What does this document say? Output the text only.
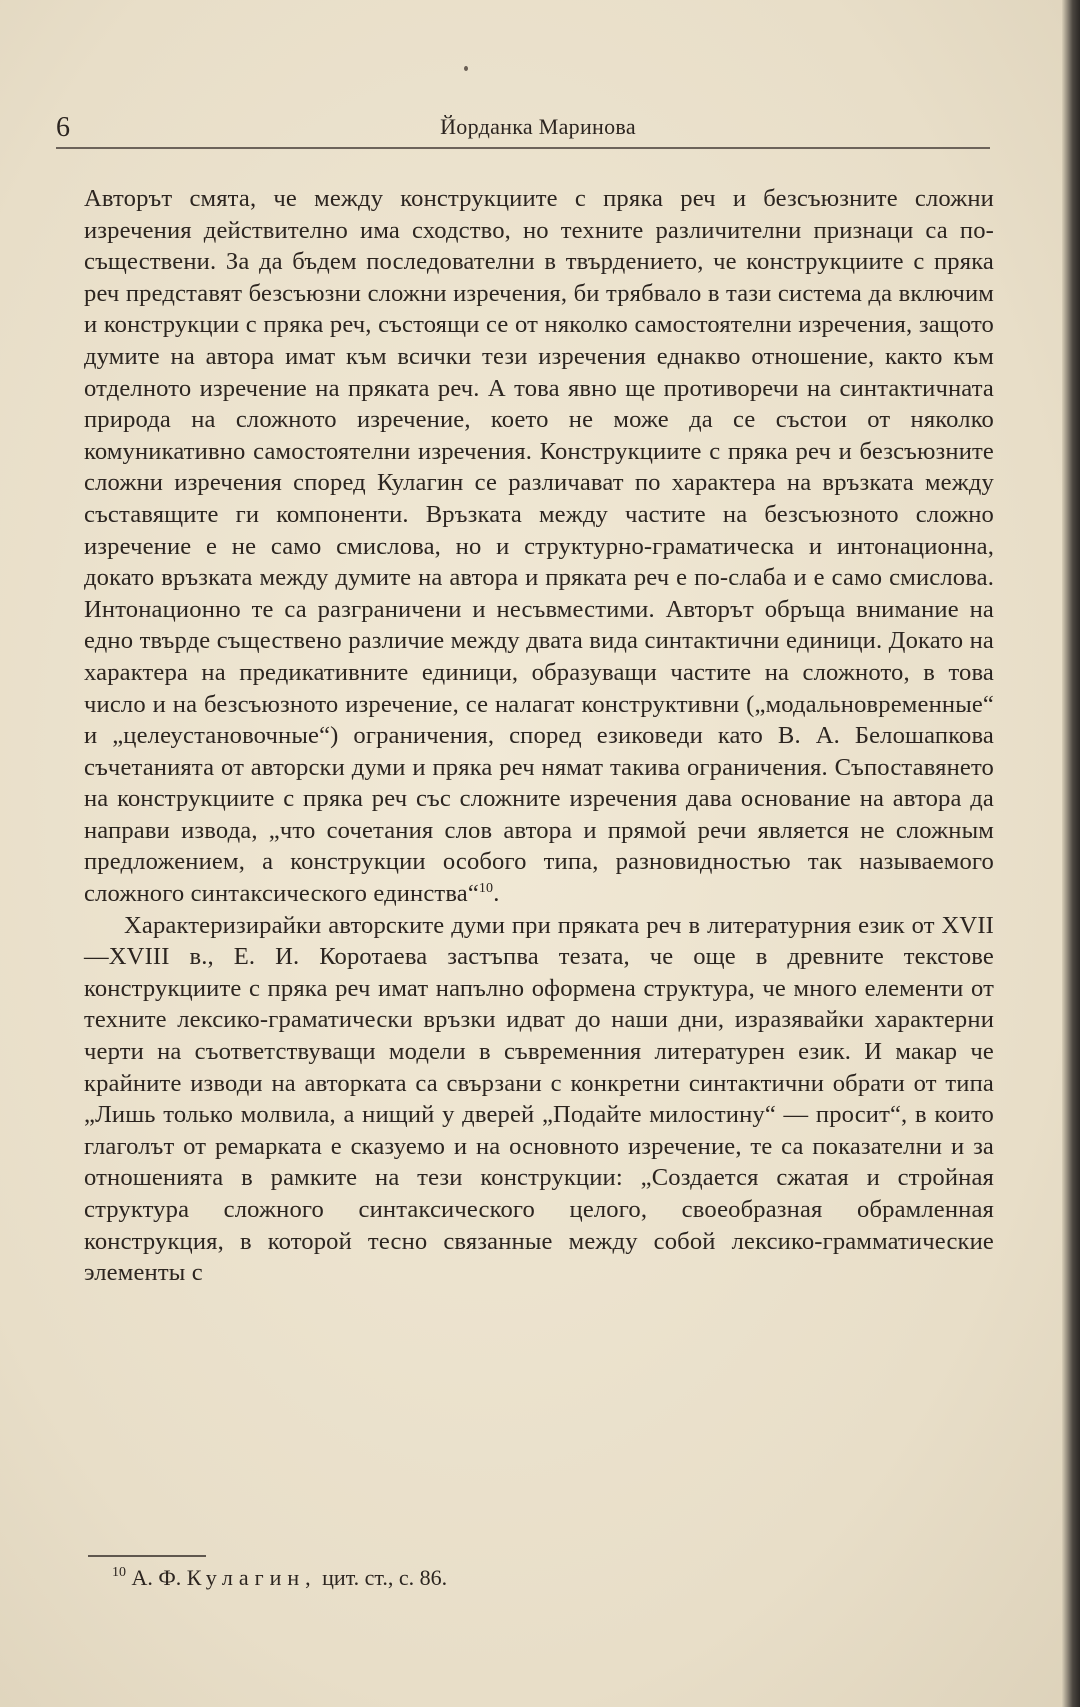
6	Йорданка Маринова

Авторът смята, че между конструкциите с пряка реч и безсъюзните сложни изречения действително има сходство, но техните различителни признаци са по-съществени. За да бъдем последователни в твърдението, че конструкциите с пряка реч представят безсъюзни сложни изречения, би трябвало в тази система да включим и конструкции с пряка реч, състоящи се от няколко самостоятелни изречения, защото думите на автора имат към всички тези изречения еднакво отношение, както към отделното изречение на пряката реч. А това явно ще противоречи на синтактичната природа на сложното изречение, което не може да се състои от няколко комуникативно самостоятелни изречения. Конструкциите с пряка реч и безсъюзните сложни изречения според Кулагин се различават по характера на връзката между съставящите ги компоненти. Връзката между частите на безсъюзното сложно изречение е не само смислова, но и структурно-граматическа и интонационна, докато връзката между думите на автора и пряката реч е по-слаба и е само смислова. Интонационно те са разграничени и несъвместими. Авторът обръща внимание на едно твърде съществено различие между двата вида синтактични единици. Докато на характера на предикативните единици, образуващи частите на сложното, в това число и на безсъюзното изречение, се налагат конструктивни („модальновременные“ и „целеустановочные“) ограничения, според езиковеди като В. А. Белошапкова съчетанията от авторски думи и пряка реч нямат такива ограничения. Съпоставянето на конструкциите с пряка реч със сложните изречения дава основание на автора да направи извода, „что сочетания слов автора и прямой речи является не сложным предложением, а конструкции особого типа, разновидностью так называемого сложного синтаксического единства“$^{10}$.

Характеризирайки авторските думи при пряката реч в литературния език от XVII—XVIII в., Е. И. Коротаева застъпва тезата, че още в древните текстове конструкциите с пряка реч имат напълно оформена структура, че много елементи от техните лексико-граматически връзки идват до наши дни, изразявайки характерни черти на съответствуващи модели в съвременния литературен език. И макар че крайните изводи на авторката са свързани с конкретни синтактични обрати от типа „Лишь только молвила, а нищий у дверей „Подайте милостину“ — просит“, в които глаголът от ремарката е сказуемо и на основното изречение, те са показателни и за отношенията в рамките на тези конструкции: „Создается сжатая и стройная структура сложного синтаксического целого, своеобразная обрамленная конструкция, в которой тесно связанные между собой лексико-грамматические элементы с

$^{10}$ А. Ф. Кулагин, цит. ст., с. 86.
